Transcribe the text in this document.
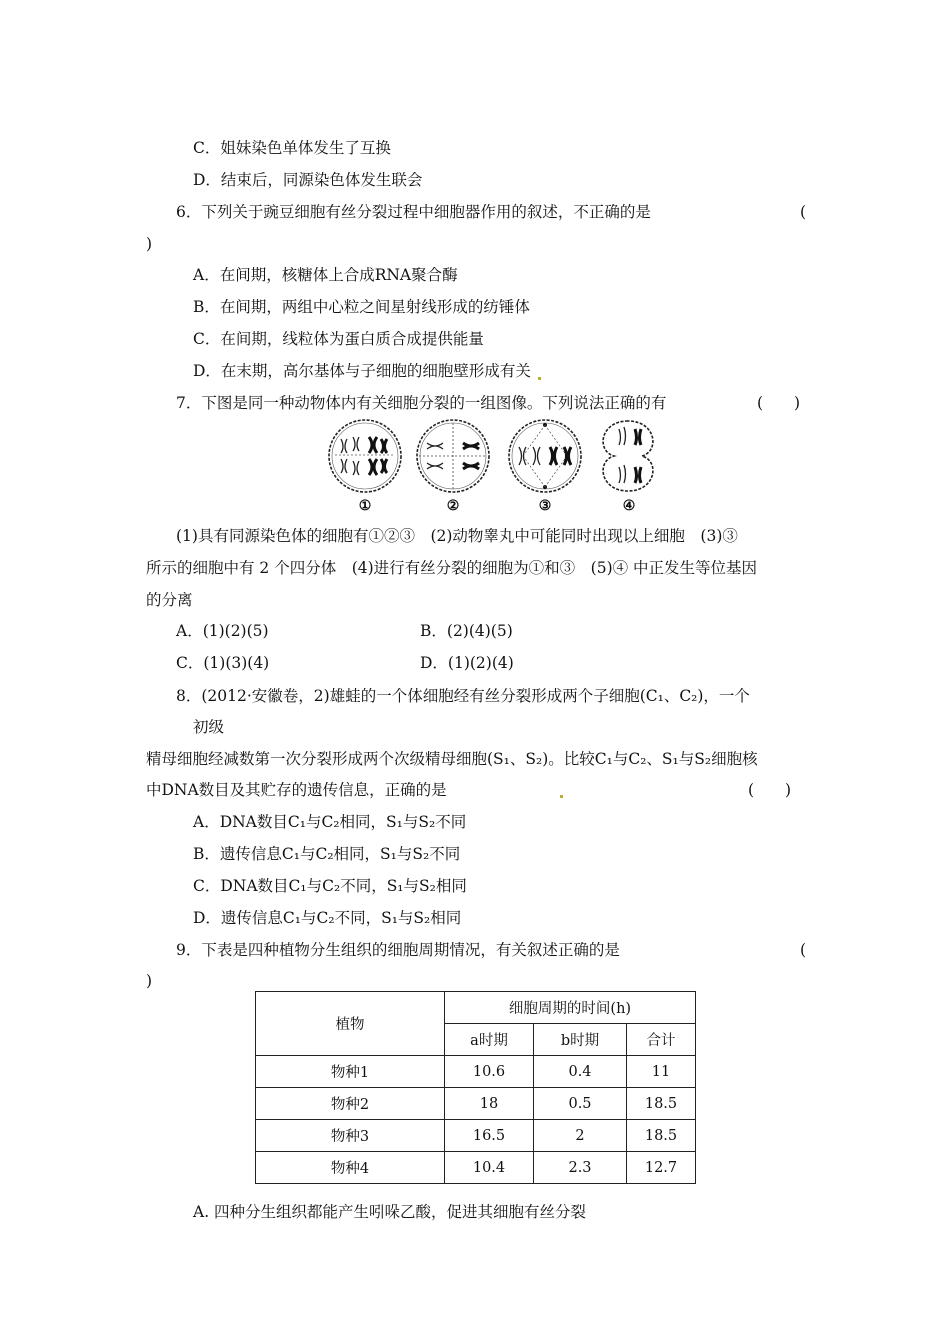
C．姐妹染色单体发生了互换
D．结束后，同源染色体发生联会
6．下列关于豌豆细胞有丝分裂过程中细胞器作用的叙述，不正确的是	(
)
A．在间期，核糖体上合成RNA聚合酶
B．在间期，两组中心粒之间星射线形成的纺锤体
C．在间期，线粒体为蛋白质合成提供能量
D．在末期，高尔基体与子细胞的细胞壁形成有关
7．下图是同一种动物体内有关细胞分裂的一组图像。下列说法正确的有	(　　)
①	②	③	④
(1)具有同源染色体的细胞有①②③　(2)动物睾丸中可能同时出现以上细胞　(3)③
所示的细胞中有 2 个四分体　(4)进行有丝分裂的细胞为①和③　(5)④ 中正发生等位基因
的分离
A．(1)(2)(5)	B．(2)(4)(5)
C．(1)(3)(4)	D．(1)(2)(4)
8．(2012·安徽卷，2)雄蛙的一个体细胞经有丝分裂形成两个子细胞(C₁、C₂)，一个
初级
精母细胞经减数第一次分裂形成两个次级精母细胞(S₁、S₂)。比较C₁与C₂、S₁与S₂细胞核
中DNA数目及其贮存的遗传信息，正确的是	(　　)
A．DNA数目C₁与C₂相同，S₁与S₂不同
B．遗传信息C₁与C₂相同，S₁与S₂不同
C．DNA数目C₁与C₂不同，S₁与S₂相同
D．遗传信息C₁与C₂不同，S₁与S₂相同
9．下表是四种植物分生组织的细胞周期情况，有关叙述正确的是	(
)
植物	细胞周期的时间(h)		
	a时期	b时期	合计
物种1	10.6	0.4	11
物种2	18	0.5	18.5
物种3	16.5	2	18.5
物种4	10.4	2.3	12.7
A. 四种分生组织都能产生吲哚乙酸，促进其细胞有丝分裂
